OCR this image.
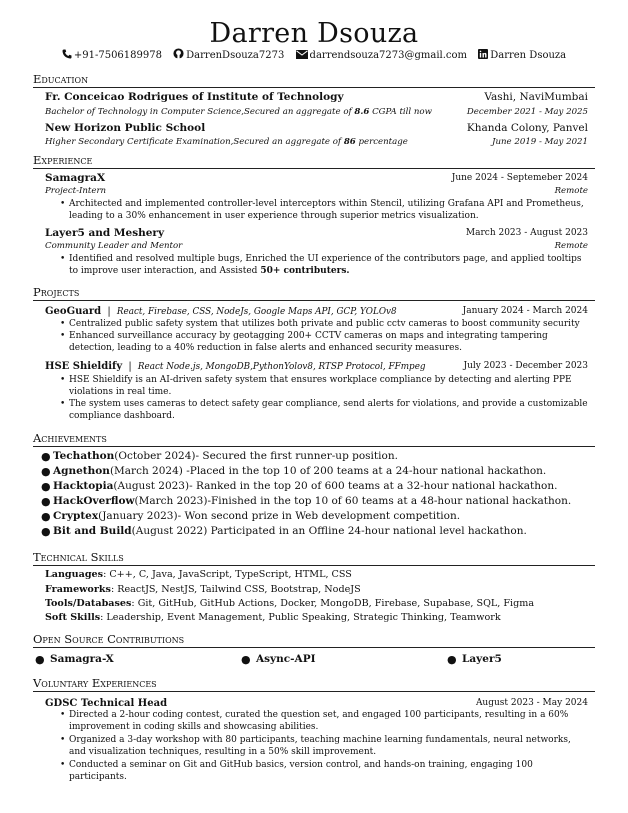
Darren Dsouza
+91-7506189978 DarrenDsouza7273	darrendsouza7273@gmail.com Darren Dsouza
Education
Fr. Conceicao Rodrigues of Institute of Technology	Vashi, NaviMumbai
Bachelor of Technology in Computer Science,Secured an aggregate of 8.6 CGPA till now	December 2021 - May 2025
New Horizon Public School	Khanda Colony, Panvel
Higher Secondary Certificate Examination,Secured an aggregate of 86 percentage	June 2019 - May 2021
Experience
SamagraX	June 2024 - Septemeber 2024
Project-Intern	Remote
• Architected and implemented controller-level interceptors within Stencil, utilizing Grafana API and Prometheus, leading to a 30% enhancement in user experience through superior metrics visualization.
Layer5 and Meshery	March 2023 - August 2023
Community Leader and Mentor	Remote
• Identified and resolved multiple bugs, Enriched the UI experience of the contributors page, and applied tooltips to improve user interaction, and Assisted 50+ contributers.
Projects
GeoGuard | React, Firebase, CSS, NodeJs, Google Maps API, GCP, YOLOv8	January 2024 - March 2024
• Centralized public safety system that utilizes both private and public cctv cameras to boost community security
• Enhanced surveillance accuracy by geotagging 200+ CCTV cameras on maps and integrating tampering detection, leading to a 40% reduction in false alerts and enhanced security measures.
HSE Shieldify | React Node.js, MongoDB,PythonYolov8, RTSP Protocol, FFmpeg	July 2023 - December 2023
• HSE Shieldify is an AI-driven safety system that ensures workplace compliance by detecting and alerting PPE violations in real time.
• The system uses cameras to detect safety gear compliance, send alerts for violations, and provide a customizable compliance dashboard.
Achievements
● Techathon(October 2024)- Secured the first runner-up position.
● Agnethon(March 2024) -Placed in the top 10 of 200 teams at a 24-hour national hackathon.
● Hacktopia(August 2023)- Ranked in the top 20 of 600 teams at a 32-hour national hackathon.
● HackOverflow(March 2023)-Finished in the top 10 of 60 teams at a 48-hour national hackathon.
● Cryptex(January 2023)- Won second prize in Web development competition.
● Bit and Build(August 2022) Participated in an Offline 24-hour national level hackathon.
Technical Skills
Languages: C++, C, Java, JavaScript, TypeScript, HTML, CSS
Frameworks: ReactJS, NestJS, Tailwind CSS, Bootstrap, NodeJS
Tools/Databases: Git, GitHub, GitHub Actions, Docker, MongoDB, Firebase, Supabase, SQL, Figma
Soft Skills: Leadership, Event Management, Public Speaking, Strategic Thinking, Teamwork
Open Source Contributions
● Samagra-X	● Async-API	● Layer5
Voluntary Experiences
GDSC Technical Head	August 2023 - May 2024
• Directed a 2-hour coding contest, curated the question set, and engaged 100 participants, resulting in a 60% improvement in coding skills and showcasing abilities.
• Organized a 3-day workshop with 80 participants, teaching machine learning fundamentals, neural networks, and visualization techniques, resulting in a 50% skill improvement.
• Conducted a seminar on Git and GitHub basics, version control, and hands-on training, engaging 100 participants.
